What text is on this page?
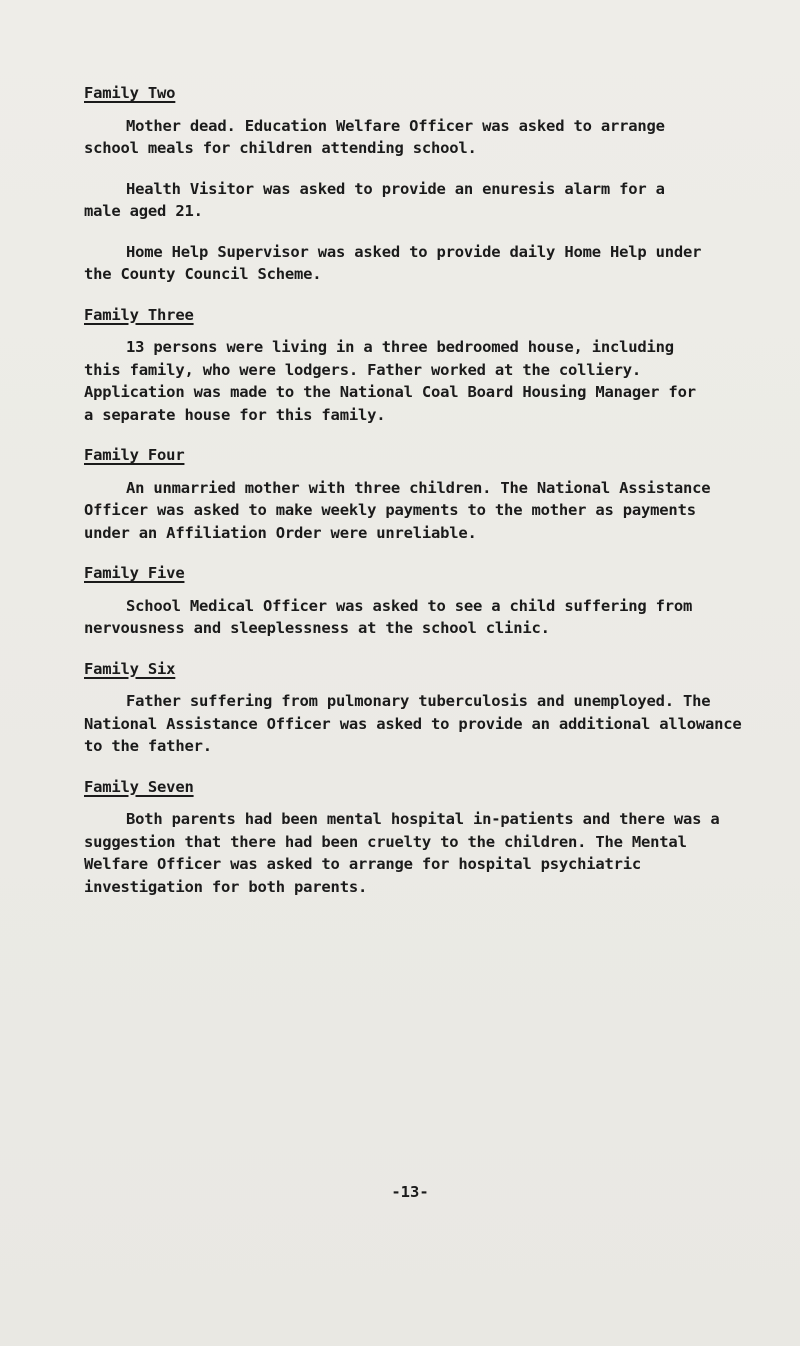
Family Two
Mother dead. Education Welfare Officer was asked to arrange
school meals for children attending school.
Health Visitor was asked to provide an enuresis alarm for a
male aged 21.
Home Help Supervisor was asked to provide daily Home Help under
the County Council Scheme.
Family Three
13 persons were living in a three bedroomed house, including
this family, who were lodgers. Father worked at the colliery.
Application was made to the National Coal Board Housing Manager for
a separate house for this family.
Family Four
An unmarried mother with three children. The National Assistance
Officer was asked to make weekly payments to the mother as payments
under an Affiliation Order were unreliable.
Family Five
School Medical Officer was asked to see a child suffering from
nervousness and sleeplessness at the school clinic.
Family Six
Father suffering from pulmonary tuberculosis and unemployed. The
National Assistance Officer was asked to provide an additional allowance
to the father.
Family Seven
Both parents had been mental hospital in-patients and there was a
suggestion that there had been cruelty to the children. The Mental
Welfare Officer was asked to arrange for hospital psychiatric
investigation for both parents.
-13-
